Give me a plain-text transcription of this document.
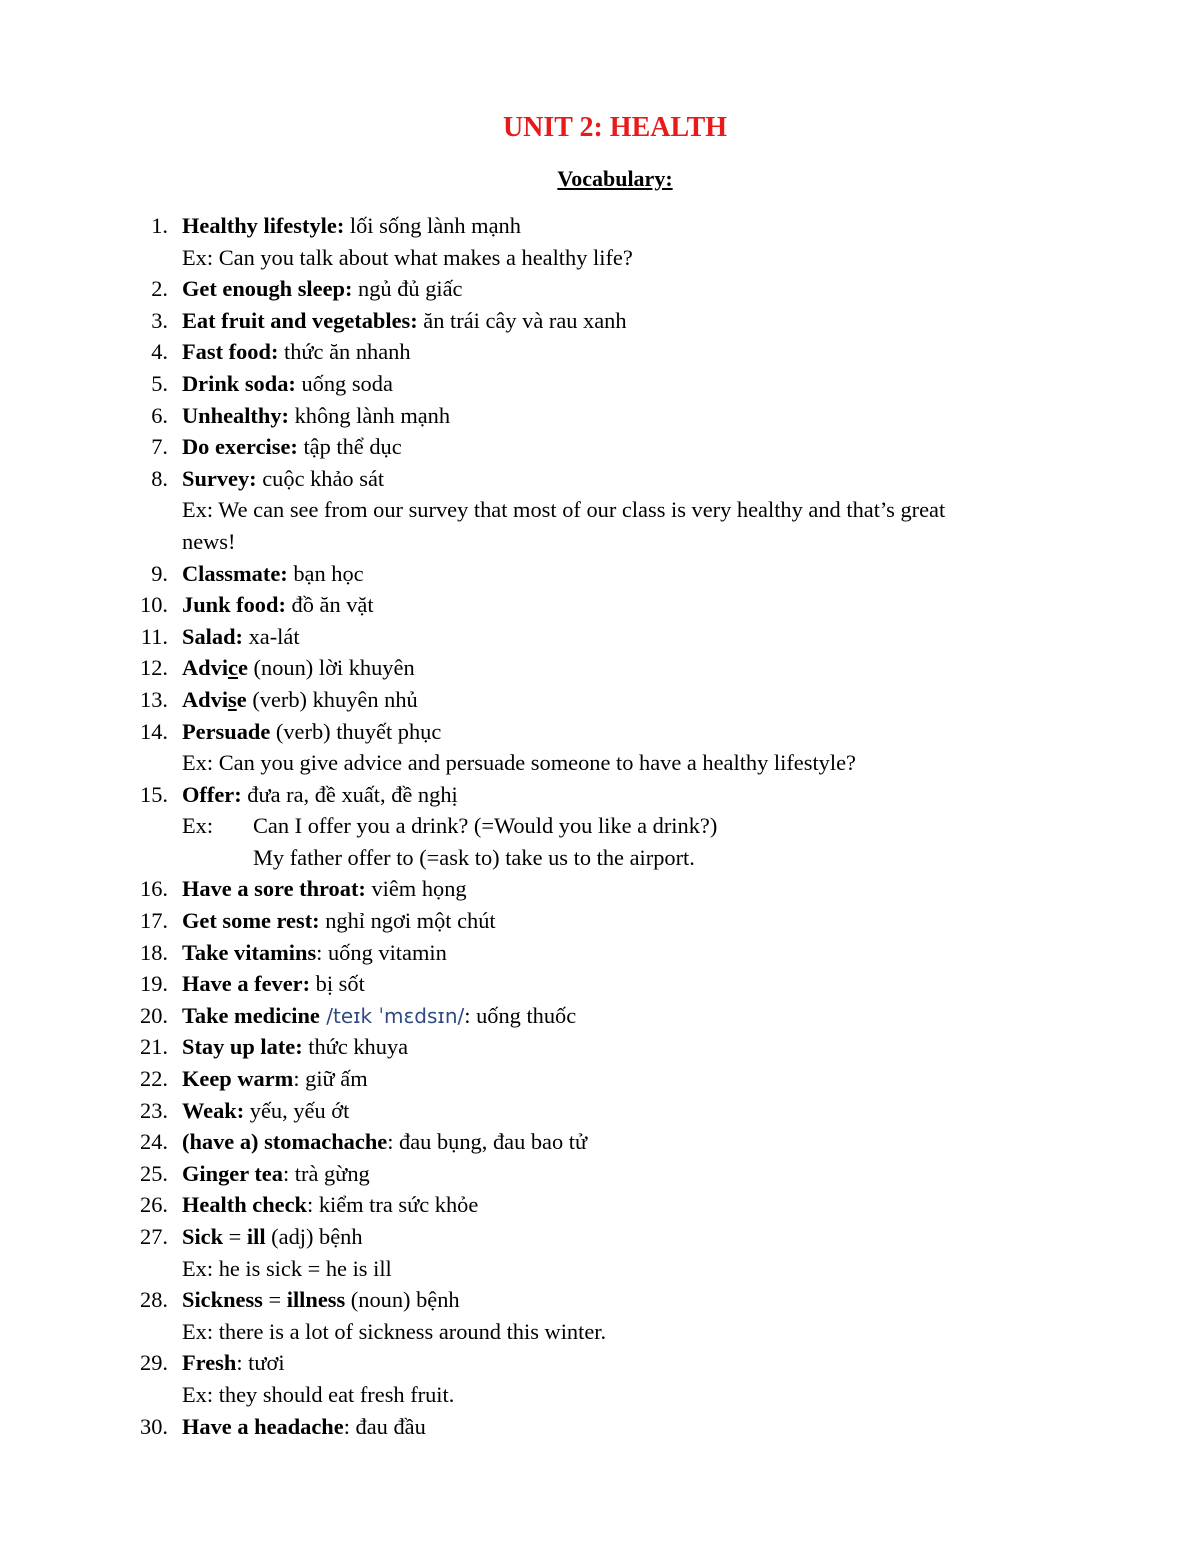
UNIT 2: HEALTH
Vocabulary:
1. Healthy lifestyle: lối sống lành mạnh
Ex: Can you talk about what makes a healthy life?
2. Get enough sleep: ngủ đủ giấc
3. Eat fruit and vegetables: ăn trái cây và rau xanh
4. Fast food: thức ăn nhanh
5. Drink soda: uống soda
6. Unhealthy: không lành mạnh
7. Do exercise: tập thể dục
8. Survey: cuộc khảo sát
Ex: We can see from our survey that most of our class is very healthy and that’s great
news!
9. Classmate: bạn học
10. Junk food: đồ ăn vặt
11. Salad: xa-lát
12. Advice (noun) lời khuyên
13. Advise (verb) khuyên nhủ
14. Persuade (verb) thuyết phục
Ex: Can you give advice and persuade someone to have a healthy lifestyle?
15. Offer: đưa ra, đề xuất, đề nghị
Ex: Can I offer you a drink? (=Would you like a drink?)
My father offer to (=ask to) take us to the airport.
16. Have a sore throat: viêm họng
17. Get some rest: nghỉ ngơi một chút
18. Take vitamins: uống vitamin
19. Have a fever: bị sốt
20. Take medicine /teɪk ˈmɛdsɪn/: uống thuốc
21. Stay up late: thức khuya
22. Keep warm: giữ ấm
23. Weak: yếu, yếu ớt
24. (have a) stomachache: đau bụng, đau bao tử
25. Ginger tea: trà gừng
26. Health check: kiểm tra sức khỏe
27. Sick = ill (adj) bệnh
Ex: he is sick = he is ill
28. Sickness = illness (noun) bệnh
Ex: there is a lot of sickness around this winter.
29. Fresh: tươi
Ex: they should eat fresh fruit.
30. Have a headache: đau đầu
